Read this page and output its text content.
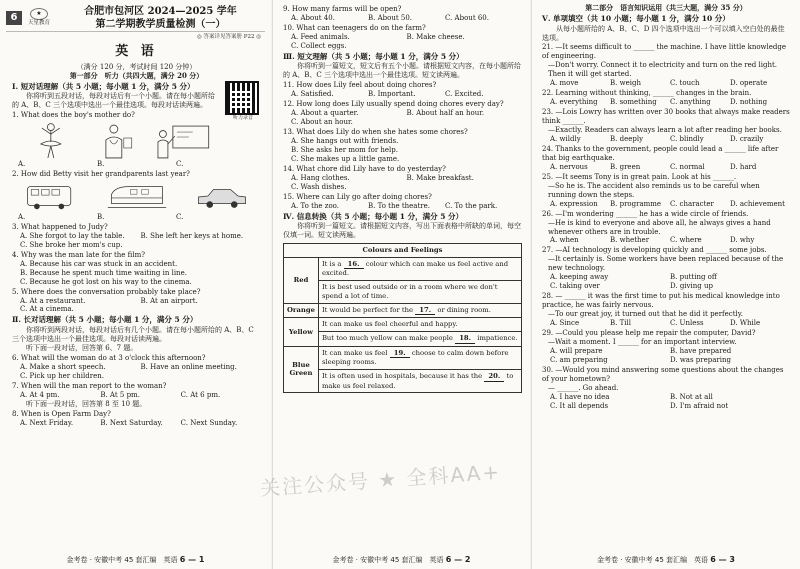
6	★
天星教育
合肥市包河区 2024—2025 学年
第二学期教学质量检测（一）
◎ 答案详见答案册 P22 ◎
英 语
（满分 120 分，考试时间 120 分钟）
第一部分　听力（共四大题，满分 20 分）
听力录音
Ⅰ. 短对话理解（共 5 小题；每小题 1 分，满分 5 分）
你将听到五段对话，每段对话后有一个小题。请在每小题所给的 A、B、C 三个选项中选出一个最佳选项。每段对话读两遍。
1. What does the boy's mother do?
A.	B.	C.
2. How did Betty visit her grandparents last year?
A.	B.	C.
3. What happened to Judy?
A. She forgot to lay the table.	B. She left her keys at home.
C. She broke her mom's cup.
4. Why was the man late for the film?
A. Because his car was stuck in an accident.
B. Because he spent much time waiting in line.
C. Because he got lost on his way to the cinema.
5. Where does the conversation probably take place?
A. At a restaurant.	B. At an airport.
C. At a cinema.
Ⅱ. 长对话理解（共 5 小题；每小题 1 分，满分 5 分）
你将听到两段对话，每段对话后有几个小题。请在每小题所给的 A、B、C 三个选项中选出一个最佳选项。每段对话读两遍。
听下面一段对话，回答第 6、7 题。
6. What will the woman do at 3 o'clock this afternoon?
A. Make a short speech.	B. Have an online meeting.
C. Pick up her children.
7. When will the man report to the woman?
A. At 4 pm.	B. At 5 pm.	C. At 6 pm.
听下面一段对话，回答第 8 至 10 题。
8. When is Open Farm Day?
A. Next Friday.	B. Next Saturday.	C. Next Sunday.
金考卷 · 安徽中考 45 套汇编　英语 6 — 1
9. How many farms will be open?
A. About 40.	B. About 50.	C. About 60.
10. What can teenagers do on the farm?
A. Feed animals.	B. Make cheese.
C. Collect eggs.
Ⅲ. 短文理解（共 5 小题；每小题 1 分，满分 5 分）
你将听到一篇短文，短文后有五个小题。请根据短文内容，在每小题所给的 A、B、C 三个选项中选出一个最佳选项。短文读两遍。
11. How does Lily feel about doing chores?
A. Satisfied.	B. Important.	C. Excited.
12. How long does Lily usually spend doing chores every day?
A. About a quarter.	B. About half an hour.
C. About an hour.
13. What does Lily do when she hates some chores?
A. She hangs out with friends.
B. She asks her mom for help.
C. She makes up a little game.
14. What chore did Lily have to do yesterday?
A. Hang clothes.	B. Make breakfast.
C. Wash dishes.
15. Where can Lily go after doing chores?
A. To the zoo.	B. To the theatre.	C. To the park.
Ⅳ. 信息转换（共 5 小题；每小题 1 分，满分 5 分）
你将听到一篇短文。请根据短文内容，写出下面表格中所缺的单词，每空仅填一词。短文读两遍。
Colours and Feelings	
Red	It is a 16. colour which can make us feel active and excited.
	It is best used outside or in a room where we don't spend a lot of time.
Orange	It would be perfect for the 17. or dining room.
Yellow	It can make us feel cheerful and happy.
	But too much yellow can make people 18. impatience.
Blue Green	It can make us feel 19. choose to calm down before sleeping rooms.
	It is often used in hospitals, because it has the 20. to make us feel relaxed.
金考卷 · 安徽中考 45 套汇编　英语 6 — 2
第二部分　语言知识运用（共三大题，满分 35 分）
Ⅴ. 单项填空（共 10 小题；每小题 1 分，满分 10 分）
从每小题所给的 A、B、C、D 四个选项中选出一个可以填入空白处的最佳选项。
21. —It seems difficult to ______ the machine. I have little knowledge of engineering.
—Don't worry. Connect it to electricity and turn on the red light. Then it will get started.
A. move	B. weigh	C. touch	D. operate
22. Learning without thinking, ______ changes in the brain.
A. everything	B. something	C. anything	D. nothing
23. —Lois Lowry has written over 30 books that always make readers think ______.
—Exactly. Readers can always learn a lot after reading her books.
A. wildly	B. deeply	C. blindly	D. crazily
24. Thanks to the government, people could lead a ______ life after that big earthquake.
A. nervous	B. green	C. normal	D. hard
25. —It seems Tony is in great pain. Look at his ______.
—So he is. The accident also reminds us to be careful when running down the steps.
A. expression	B. programme	C. character	D. achievement
26. —I'm wondering ______ he has a wide circle of friends.
—He is kind to everyone and above all, he always gives a hand whenever others are in trouble.
A. when	B. whether	C. where	D. why
27. —AI technology is developing quickly and ______ some jobs.
—It certainly is. Some workers have been replaced because of the new technology.
A. keeping away	B. putting off
C. taking over	D. giving up
28. — ______ it was the first time to put his medical knowledge into practice, he was fairly nervous.
—To our great joy, it turned out that he did it perfectly.
A. Since	B. Till	C. Unless	D. While
29. —Could you please help me repair the computer, David?
—Wait a moment. I ______ for an important interview.
A. will prepare	B. have prepared
C. am preparing	D. was preparing
30. —Would you mind answering some questions about the changes of your hometown?
— ______. Go ahead.
A. I have no idea	B. Not at all
C. It all depends	D. I'm afraid not
金考卷 · 安徽中考 45 套汇编　英语 6 — 3
关注公众号 ★ 全科AA+
